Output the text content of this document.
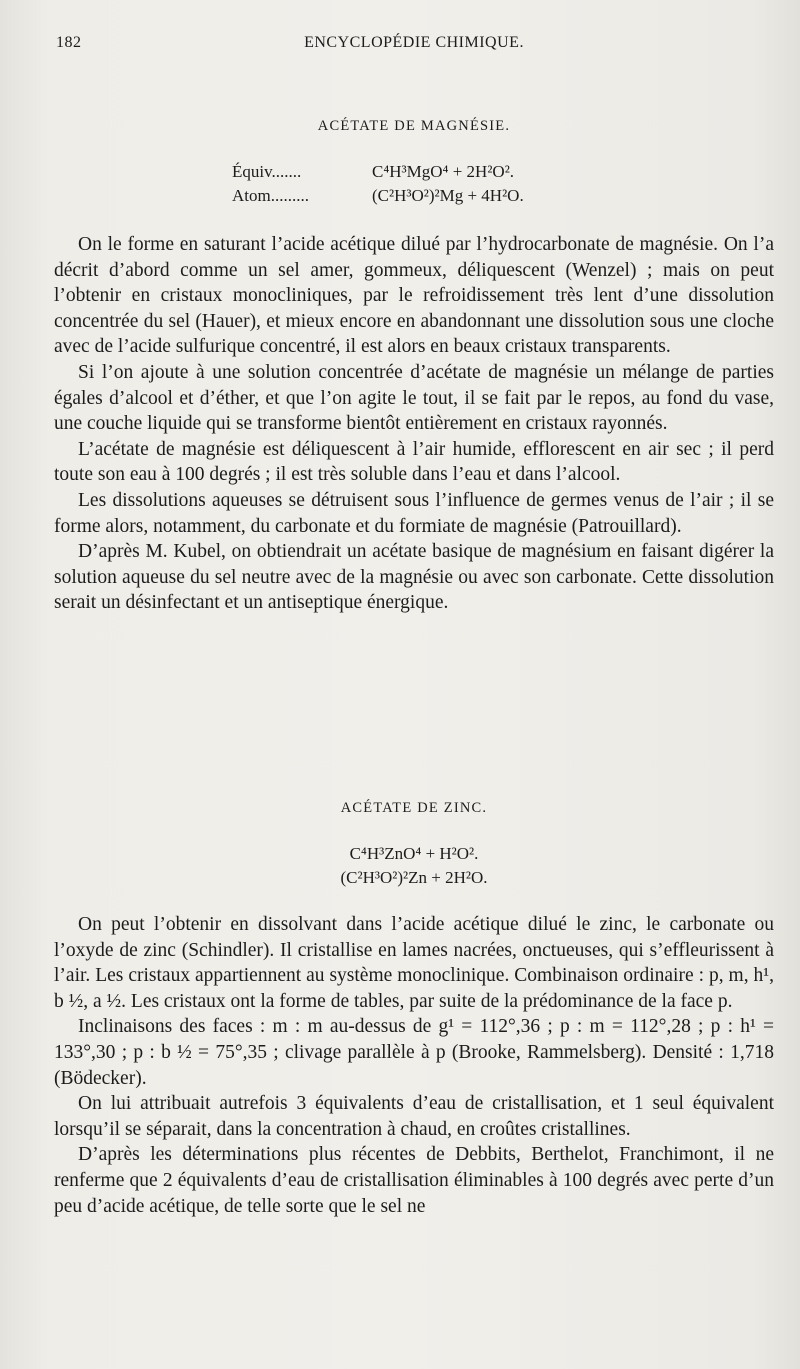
182	ENCYCLOPÉDIE CHIMIQUE.
ACÉTATE DE MAGNÉSIE.
Équiv.......	C⁴H³MgO⁴ + 2H²O².
Atom.........	(C²H³O²)²Mg + 4H²O.

On le forme en saturant l’acide acétique dilué par l’hydrocarbonate de magnésie. On l’a décrit d’abord comme un sel amer, gommeux, déliquescent (Wenzel) ; mais on peut l’obtenir en cristaux monocliniques, par le refroidissement très lent d’une dissolution concentrée du sel (Hauer), et mieux encore en abandonnant une dissolution sous une cloche avec de l’acide sulfurique concentré, il est alors en beaux cristaux transparents.

Si l’on ajoute à une solution concentrée d’acétate de magnésie un mélange de parties égales d’alcool et d’éther, et que l’on agite le tout, il se fait par le repos, au fond du vase, une couche liquide qui se transforme bientôt entièrement en cristaux rayonnés.

L’acétate de magnésie est déliquescent à l’air humide, efflorescent en air sec ; il perd toute son eau à 100 degrés ; il est très soluble dans l’eau et dans l’alcool.

Les dissolutions aqueuses se détruisent sous l’influence de germes venus de l’air ; il se forme alors, notamment, du carbonate et du formiate de magnésie (Patrouillard).

D’après M. Kubel, on obtiendrait un acétate basique de magnésium en faisant digérer la solution aqueuse du sel neutre avec de la magnésie ou avec son carbonate. Cette dissolution serait un désinfectant et un antiseptique énergique.

ACÉTATE DE ZINC.
C⁴H³ZnO⁴ + H²O².
(C²H³O²)²Zn + 2H²O.

On peut l’obtenir en dissolvant dans l’acide acétique dilué le zinc, le carbonate ou l’oxyde de zinc (Schindler). Il cristallise en lames nacrées, onctueuses, qui s’effleurissent à l’air. Les cristaux appartiennent au système monoclinique. Combinaison ordinaire : p, m, h¹, b ½, a ½. Les cristaux ont la forme de tables, par suite de la prédominance de la face p.

Inclinaisons des faces : m : m au-dessus de g¹ = 112°,36 ; p : m = 112°,28 ; p : h¹ = 133°,30 ; p : b ½ = 75°,35 ; clivage parallèle à p (Brooke, Rammelsberg). Densité : 1,718 (Bödecker).

On lui attribuait autrefois 3 équivalents d’eau de cristallisation, et 1 seul équivalent lorsqu’il se séparait, dans la concentration à chaud, en croûtes cristallines.

D’après les déterminations plus récentes de Debbits, Berthelot, Franchimont, il ne renferme que 2 équivalents d’eau de cristallisation éliminables à 100 degrés avec perte d’un peu d’acide acétique, de telle sorte que le sel ne
